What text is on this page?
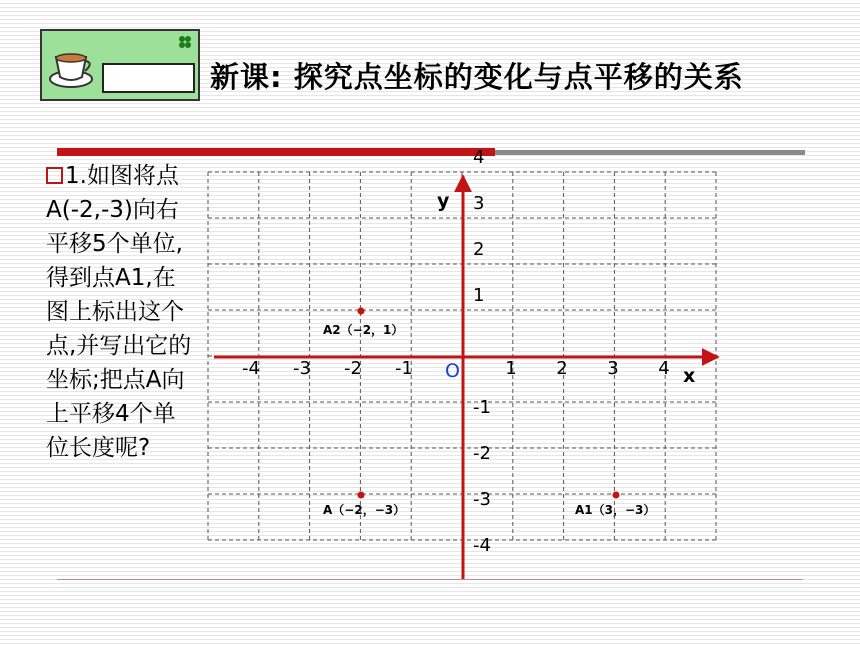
新课: 探究点坐标的变化与点平移的关系
1.如图将点A(-2,-3)向右平移5个单位,得到点A1,在图上标出这个点,并写出它的坐标;把点A向上平移4个单位长度呢?
x
y
O
-4 -3 -2 -1	1 2 3 4
4
3
2
1
-1
-2
-3
-4
A2（−2，1）
A（−2，−3）	A1（3，−3）
